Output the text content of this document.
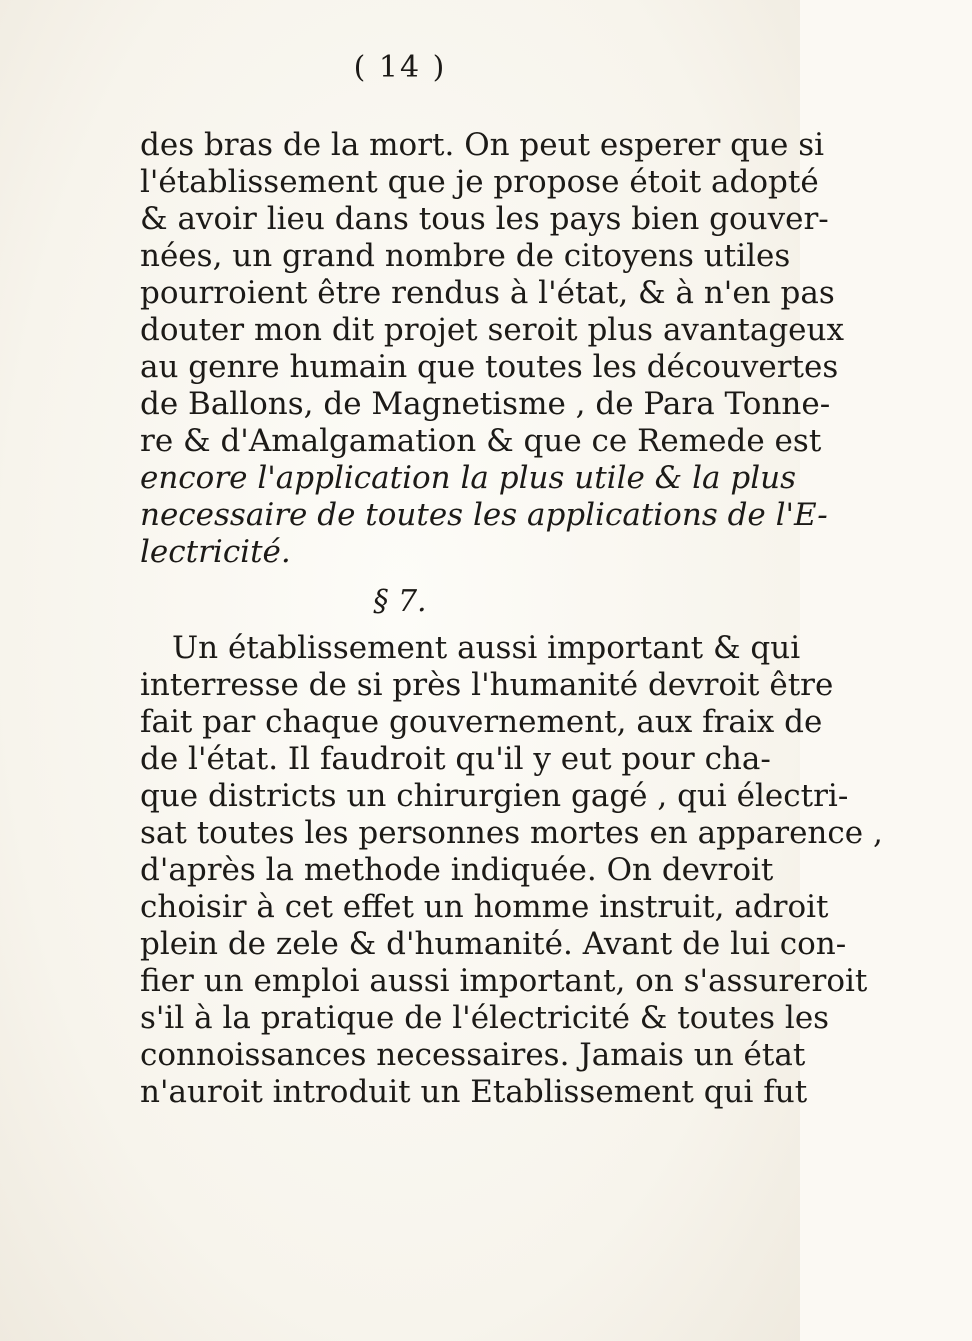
( 14 )
des bras de la mort. On peut esperer que si
l'établissement que je propose étoit adopté
& avoir lieu dans tous les pays bien gouver-
nées, un grand nombre de citoyens utiles
pourroient être rendus à l'état, & à n'en pas
douter mon dit projet seroit plus avantageux
au genre humain que toutes les découvertes
de Ballons, de Magnetisme , de Para Tonne-
re & d'Amalgamation & que ce Remede est
encore l'application la plus utile & la plus
necessaire de toutes les applications de l'E-
lectricité.
§ 7.
Un établissement aussi important & qui
interresse de si près l'humanité devroit être
fait par chaque gouvernement, aux fraix de
de l'état. Il faudroit qu'il y eut pour cha-
que districts un chirurgien gagé , qui électri-
sat toutes les personnes mortes en apparence ,
d'après la methode indiquée. On devroit
choisir à cet effet un homme instruit, adroit
plein de zele & d'humanité. Avant de lui con-
fier un emploi aussi important, on s'assureroit
s'il à la pratique de l'électricité & toutes les
connoissances necessaires. Jamais un état
n'auroit introduit un Etablissement qui fut
